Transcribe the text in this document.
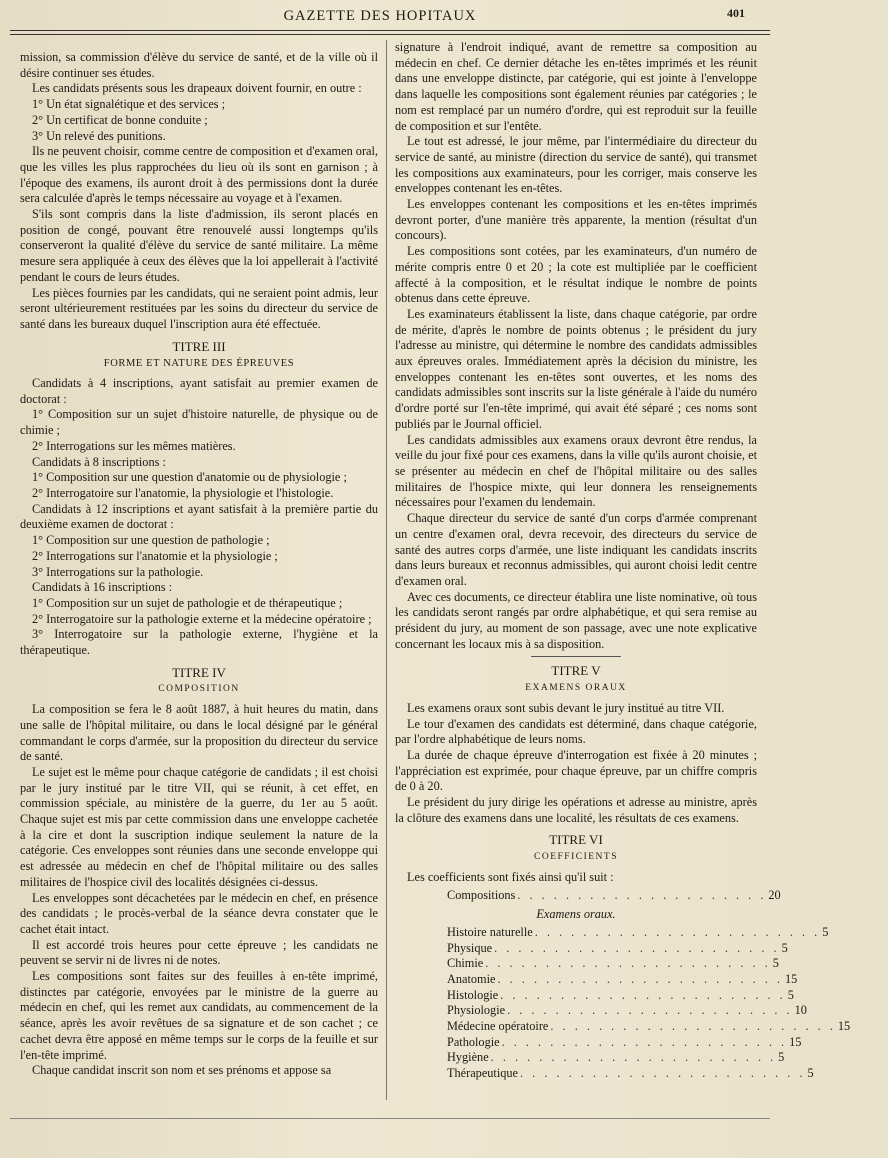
GAZETTE DES HOPITAUX	401

mission, sa commission d'élève du service de santé, et de la ville où il désire continuer ses études.

Les candidats présents sous les drapeaux doivent fournir, en outre :

1° Un état signalétique et des services ;

2° Un certificat de bonne conduite ;

3° Un relevé des punitions.

Ils ne peuvent choisir, comme centre de composition et d'examen oral, que les villes les plus rapprochées du lieu où ils sont en garnison ; à l'époque des examens, ils auront droit à des permissions dont la durée sera calculée d'après le temps nécessaire au voyage et à l'examen.

S'ils sont compris dans la liste d'admission, ils seront placés en position de congé, pouvant être renouvelé aussi longtemps qu'ils conserveront la qualité d'élève du service de santé militaire. La même mesure sera appliquée à ceux des élèves que la loi appellerait à l'activité pendant le cours de leurs études.

Les pièces fournies par les candidats, qui ne seraient point admis, leur seront ultérieurement restituées par les soins du directeur du service de santé dans les bureaux duquel l'inscription aura été effectuée.

TITRE III
FORME ET NATURE DES ÉPREUVES

Candidats à 4 inscriptions, ayant satisfait au premier examen de doctorat :

1° Composition sur un sujet d'histoire naturelle, de physique ou de chimie ;

2° Interrogations sur les mêmes matières.

Candidats à 8 inscriptions :

1° Composition sur une question d'anatomie ou de physiologie ;

2° Interrogatoire sur l'anatomie, la physiologie et l'histologie.

Candidats à 12 inscriptions et ayant satisfait à la première partie du deuxième examen de doctorat :

1° Composition sur une question de pathologie ;

2° Interrogations sur l'anatomie et la physiologie ;

3° Interrogations sur la pathologie.

Candidats à 16 inscriptions :

1° Composition sur un sujet de pathologie et de thérapeutique ;

2° Interrogatoire sur la pathologie externe et la médecine opératoire ;

3° Interrogatoire sur la pathologie externe, l'hygiène et la thérapeutique.

TITRE IV
COMPOSITION

La composition se fera le 8 août 1887, à huit heures du matin, dans une salle de l'hôpital militaire, ou dans le local désigné par le général commandant le corps d'armée, sur la proposition du directeur du service de santé.

Le sujet est le même pour chaque catégorie de candidats ; il est choisi par le jury institué par le titre VII, qui se réunit, à cet effet, en commission spéciale, au ministère de la guerre, du 1er au 5 août. Chaque sujet est mis par cette commission dans une enveloppe cachetée à la cire et dont la suscription indique seulement la nature de la catégorie. Ces enveloppes sont réunies dans une seconde enveloppe qui est adressée au médecin en chef de l'hôpital militaire ou des salles militaires de l'hospice civil des localités désignées ci-dessus.

Les enveloppes sont décachetées par le médecin en chef, en présence des candidats ; le procès-verbal de la séance devra constater que le cachet était intact.

Il est accordé trois heures pour cette épreuve ; les candidats ne peuvent se servir ni de livres ni de notes.

Les compositions sont faites sur des feuilles à en-tête imprimé, distinctes par catégorie, envoyées par le ministre de la guerre au médecin en chef, qui les remet aux candidats, au commencement de la séance, après les avoir revêtues de sa signature et de son cachet ; ce cachet devra être apposé en même temps sur le corps de la feuille et sur l'en-tête imprimé.

Chaque candidat inscrit son nom et ses prénoms et appose sa

signature à l'endroit indiqué, avant de remettre sa composition au médecin en chef. Ce dernier détache les en-têtes imprimés et les réunit dans une enveloppe distincte, par catégorie, qui est jointe à l'enveloppe dans laquelle les compositions sont également réunies par catégories ; le nom est remplacé par un numéro d'ordre, qui est reproduit sur la feuille de composition et sur l'entête.

Le tout est adressé, le jour même, par l'intermédiaire du directeur du service de santé, au ministre (direction du service de santé), qui transmet les compositions aux examinateurs, pour les corriger, mais conserve les enveloppes contenant les en-têtes.

Les enveloppes contenant les compositions et les en-têtes imprimés devront porter, d'une manière très apparente, la mention (résultat d'un concours).

Les compositions sont cotées, par les examinateurs, d'un numéro de mérite compris entre 0 et 20 ; la cote est multipliée par le coefficient affecté à la composition, et le résultat indique le nombre de points obtenus dans cette épreuve.

Les examinateurs établissent la liste, dans chaque catégorie, par ordre de mérite, d'après le nombre de points obtenus ; le président du jury l'adresse au ministre, qui détermine le nombre des candidats admissibles aux épreuves orales. Immédiatement après la décision du ministre, les enveloppes contenant les en-têtes sont ouvertes, et les noms des candidats admissibles sont inscrits sur la liste générale à l'aide du numéro d'ordre porté sur l'en-tête imprimé, qui avait été séparé ; ces noms sont publiés par le Journal officiel.

Les candidats admissibles aux examens oraux devront être rendus, la veille du jour fixé pour ces examens, dans la ville qu'ils auront choisie, et se présenter au médecin en chef de l'hôpital militaire ou des salles militaires de l'hospice mixte, qui leur donnera les renseignements nécessaires pour l'examen du lendemain.

Chaque directeur du service de santé d'un corps d'armée comprenant un centre d'examen oral, devra recevoir, des directeurs du service de santé des autres corps d'armée, une liste indiquant les candidats inscrits dans leurs bureaux et reconnus admissibles, qui auront choisi ledit centre d'examen oral.

Avec ces documents, ce directeur établira une liste nominative, où tous les candidats seront rangés par ordre alphabétique, et qui sera remise au président du jury, au moment de son passage, avec une note explicative concernant les locaux mis à sa disposition.

TITRE V
EXAMENS ORAUX

Les examens oraux sont subis devant le jury institué au titre VII.

Le tour d'examen des candidats est déterminé, dans chaque catégorie, par l'ordre alphabétique de leurs noms.

La durée de chaque épreuve d'interrogation est fixée à 20 minutes ; l'appréciation est exprimée, pour chaque épreuve, par un chiffre compris de 0 à 20.

Le président du jury dirige les opérations et adresse au ministre, après la clôture des examens dans une localité, les résultats de ces examens.

TITRE VI
COEFFICIENTS

Les coefficients sont fixés ainsi qu'il suit :

Compositions . . . . . . . . . . . . . . . . . . . . . 20
Examens oraux.
Histoire naturelle . . . . . . . . . . . . . . . . . . . . . . . . 5
Physique . . . . . . . . . . . . . . . . . . . . . . . . 5
Chimie . . . . . . . . . . . . . . . . . . . . . . . . 5
Anatomie . . . . . . . . . . . . . . . . . . . . . . . . 15
Histologie . . . . . . . . . . . . . . . . . . . . . . . . 5
Physiologie . . . . . . . . . . . . . . . . . . . . . . . . 10
Médecine opératoire . . . . . . . . . . . . . . . . . . . . . . . . 15
Pathologie . . . . . . . . . . . . . . . . . . . . . . . . 15
Hygiène . . . . . . . . . . . . . . . . . . . . . . . . 5
Thérapeutique . . . . . . . . . . . . . . . . . . . . . . . . 5
